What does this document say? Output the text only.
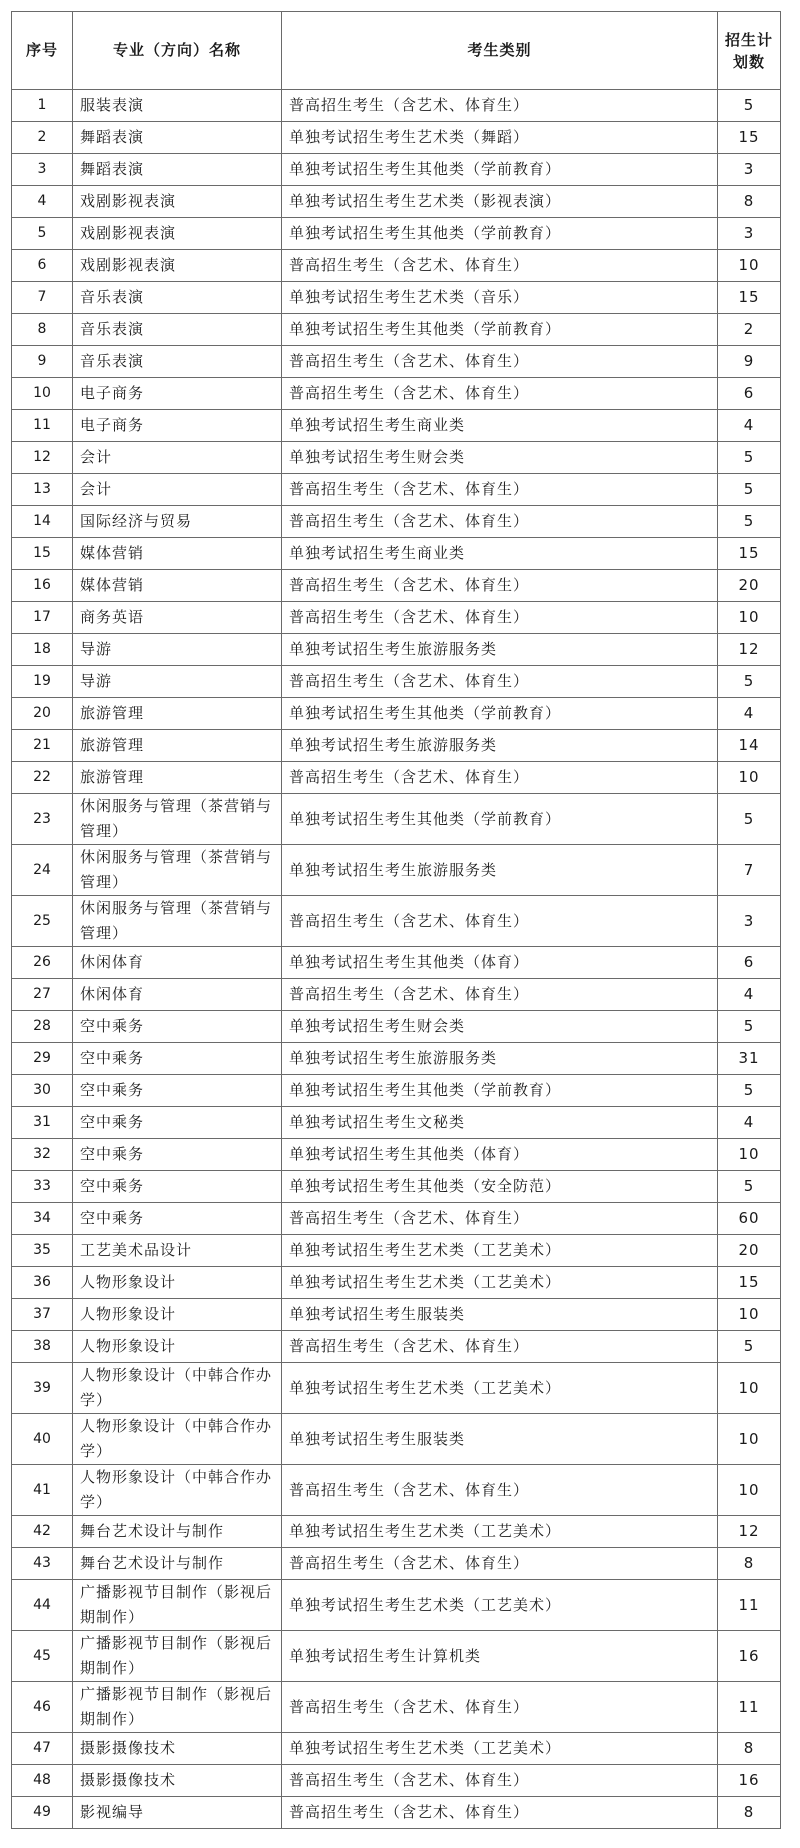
序号	专业（方向）名称	考生类别	招生计划数
1	服装表演	普高招生考生（含艺术、体育生）	5
2	舞蹈表演	单独考试招生考生艺术类（舞蹈）	15
3	舞蹈表演	单独考试招生考生其他类（学前教育）	3
4	戏剧影视表演	单独考试招生考生艺术类（影视表演）	8
5	戏剧影视表演	单独考试招生考生其他类（学前教育）	3
6	戏剧影视表演	普高招生考生（含艺术、体育生）	10
7	音乐表演	单独考试招生考生艺术类（音乐）	15
8	音乐表演	单独考试招生考生其他类（学前教育）	2
9	音乐表演	普高招生考生（含艺术、体育生）	9
10	电子商务	普高招生考生（含艺术、体育生）	6
11	电子商务	单独考试招生考生商业类	4
12	会计	单独考试招生考生财会类	5
13	会计	普高招生考生（含艺术、体育生）	5
14	国际经济与贸易	普高招生考生（含艺术、体育生）	5
15	媒体营销	单独考试招生考生商业类	15
16	媒体营销	普高招生考生（含艺术、体育生）	20
17	商务英语	普高招生考生（含艺术、体育生）	10
18	导游	单独考试招生考生旅游服务类	12
19	导游	普高招生考生（含艺术、体育生）	5
20	旅游管理	单独考试招生考生其他类（学前教育）	4
21	旅游管理	单独考试招生考生旅游服务类	14
22	旅游管理	普高招生考生（含艺术、体育生）	10
23	休闲服务与管理（茶营销与管理）	单独考试招生考生其他类（学前教育）	5
24	休闲服务与管理（茶营销与管理）	单独考试招生考生旅游服务类	7
25	休闲服务与管理（茶营销与管理）	普高招生考生（含艺术、体育生）	3
26	休闲体育	单独考试招生考生其他类（体育）	6
27	休闲体育	普高招生考生（含艺术、体育生）	4
28	空中乘务	单独考试招生考生财会类	5
29	空中乘务	单独考试招生考生旅游服务类	31
30	空中乘务	单独考试招生考生其他类（学前教育）	5
31	空中乘务	单独考试招生考生文秘类	4
32	空中乘务	单独考试招生考生其他类（体育）	10
33	空中乘务	单独考试招生考生其他类（安全防范）	5
34	空中乘务	普高招生考生（含艺术、体育生）	60
35	工艺美术品设计	单独考试招生考生艺术类（工艺美术）	20
36	人物形象设计	单独考试招生考生艺术类（工艺美术）	15
37	人物形象设计	单独考试招生考生服装类	10
38	人物形象设计	普高招生考生（含艺术、体育生）	5
39	人物形象设计（中韩合作办学）	单独考试招生考生艺术类（工艺美术）	10
40	人物形象设计（中韩合作办学）	单独考试招生考生服装类	10
41	人物形象设计（中韩合作办学）	普高招生考生（含艺术、体育生）	10
42	舞台艺术设计与制作	单独考试招生考生艺术类（工艺美术）	12
43	舞台艺术设计与制作	普高招生考生（含艺术、体育生）	8
44	广播影视节目制作（影视后期制作）	单独考试招生考生艺术类（工艺美术）	11
45	广播影视节目制作（影视后期制作）	单独考试招生考生计算机类	16
46	广播影视节目制作（影视后期制作）	普高招生考生（含艺术、体育生）	11
47	摄影摄像技术	单独考试招生考生艺术类（工艺美术）	8
48	摄影摄像技术	普高招生考生（含艺术、体育生）	16
49	影视编导	普高招生考生（含艺术、体育生）	8
